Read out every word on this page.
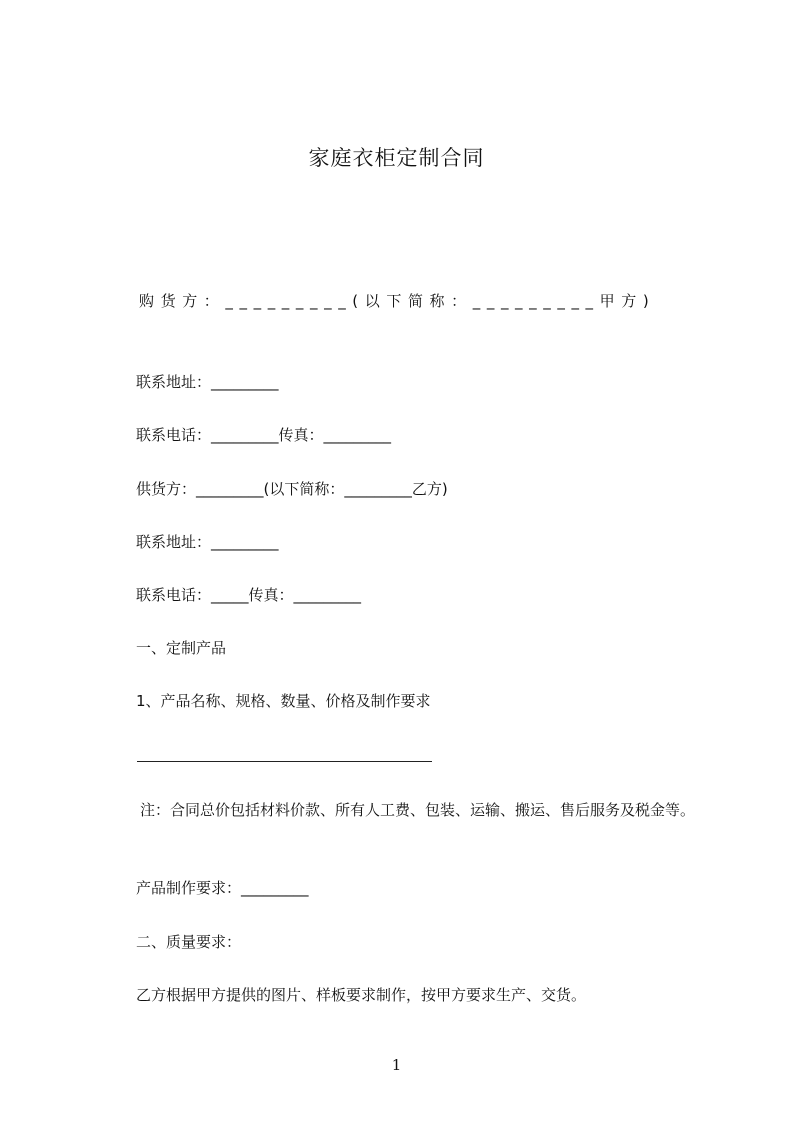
家庭衣柜定制合同
购货方：_________(以下简称：_________甲方)
联系地址：_________
联系电话：_________传真：_________
供货方：_________(以下简称：_________乙方)
联系地址：_________
联系电话：_____传真：_________
一、定制产品
1、产品名称、规格、数量、价格及制作要求
注：合同总价包括材料价款、所有人工费、包装、运输、搬运、售后服务及税金等。
产品制作要求：_________
二、质量要求：
乙方根据甲方提供的图片、样板要求制作，按甲方要求生产、交货。
1
